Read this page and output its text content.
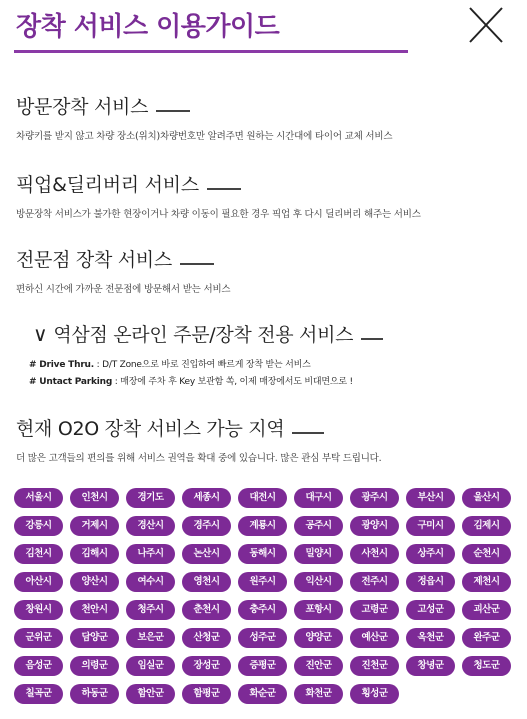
장착 서비스 이용가이드
방문장착 서비스
차량키를 받지 않고 차량 장소(위치)차량번호만 알려주면 원하는 시간대에 타이어 교체 서비스
픽업&딜리버리 서비스
방문장착 서비스가 불가한 현장이거나 차량 이동이 필요한 경우 픽업 후 다시 딜리버리 해주는 서비스
전문점 장착 서비스
편하신 시간에 가까운 전문점에 방문해서 받는 서비스
∨ 역삼점 온라인 주문/장착 전용 서비스
# Drive Thru. : D/T Zone으로 바로 진입하여 빠르게 장착 받는 서비스
# Untact Parking : 매장에 주차 후 Key 보관함 쏙, 이제 매장에서도 비대면으로 !
현재 O2O 장착 서비스 가능 지역
더 많은 고객들의 편의를 위해 서비스 권역을 확대 중에 있습니다. 많은 관심 부탁 드립니다.
서울시	인천시	경기도	세종시	대전시	대구시	광주시	부산시	울산시
강릉시	거제시	경산시	경주시	계룡시	공주시	광양시	구미시	김제시
김천시	김해시	나주시	논산시	동해시	밀양시	사천시	상주시	순천시
아산시	양산시	여수시	영천시	원주시	익산시	전주시	정읍시	제천시
창원시	천안시	청주시	춘천시	충주시	포항시	고령군	고성군	괴산군
군위군	담양군	보은군	산청군	성주군	양양군	예산군	옥천군	완주군
음성군	의령군	임실군	장성군	증평군	진안군	진천군	창녕군	청도군
칠곡군	하동군	함안군	함평군	화순군	화천군	횡성군
